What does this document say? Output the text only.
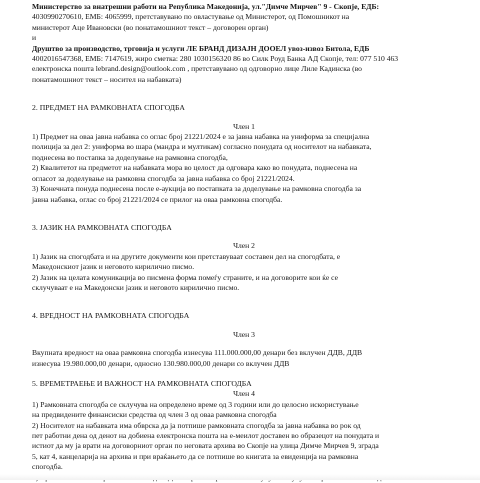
Министерство за внатрешни работи на Република Македонија, ул."Димче Мирчев" 9 - Скопје, ЕДБ:

4030990270610, ЕМБ: 4065999, претставувано по овластување од Министерот, од Помошникот на

министерот Аце Ивановски (во понатамошниот текст – договорен орган)

и

Друштво за производство, трговија и услуги ЛЕ БРАНД ДИЗАЈН ДООЕЛ увоз-извоз Битола, ЕДБ

4002016547368, ЕМБ: 7147619, жиро сметка: 280 1030156320 86 во Силк Роуд Банка АД Скопје, тел: 077 510 463

електронска пошта lebrand.design@outlook.com , претставувано од одговорно лице Лиле Кадинска (во

понатамошниот текст – носител на набавката)

2. ПРЕДМЕТ НА РАМКОВНАТА СПОГОДБА

Член 1

1) Предмет на овaa јавна набавка со оглас број 21221/2024 е за јавна набавка на униформа за специјална

полиција за дел 2: униформа во шара (мандра и мултикам) согласно понудата од носителот на набавката,

поднесена во постапка за доделување на рамковна спогодба,

2) Квалитетот на предметот на набавката мора во целост да одговара како во понудата, поднесена на

огласот за доделување на рамковна спогодба за јавна набавка со број 21221/2024.

3) Конечната понуда поднесена после е-аукција во постапката за доделување на рамковна спогодба за

јавна набавка, оглас со број 21221/2024 се прилог на оваа рамковна спогодба.

3. ЈАЗИК НА РАМКОВНАТА СПОГОДБА

Член 2

1) Јазик на спогодбата и на другите документи кои претставуваат составен дел на спогодбата, е

Македонскиот јазик и неговото кирилично писмо.

2) Јазик на целата комуникација во писмена форма помеѓу страните, и на договорите кои ќе се

склучуваат е на Македонски јазик и неговото кирилично писмо.

4. ВРЕДНОСТ НА РАМКОВНАТА СПОГОДБА

Член 3

Вкупната вредност на оваа рамковна спогодба изнесува 111.000.000,00 денари без вклучен ДДВ, ДДВ

изнесува 19.980.000,00 денари, односно 130.980.000,00 денари со вклучен ДДВ

5. ВРЕМЕТРАЕЊЕ И ВАЖНОСТ НА РАМКОВНАТА СПОГОДБА

Член 4

1) Рамковната спогодба се склучува на определено време од 3 години или до целосно искористување

на предвидените финансиски средства од член 3 од оваа рамковна спогодба

2) Носителот на набавката има обврска да ја потпише рамковната спогодба за јавна набавка во рок од

пет работни дена од денот на добиена електронска пошта на е-меилот доставен во образецот на понудата и

истиот да му ја врати на договорниот орган по неговата архива во Скопје на улица Димче Мирчев 9, зграда

5, кат 4, канцеларија на архива и при враќањето да се потпише во книгата за евиденција на рамковна

спогодба.
